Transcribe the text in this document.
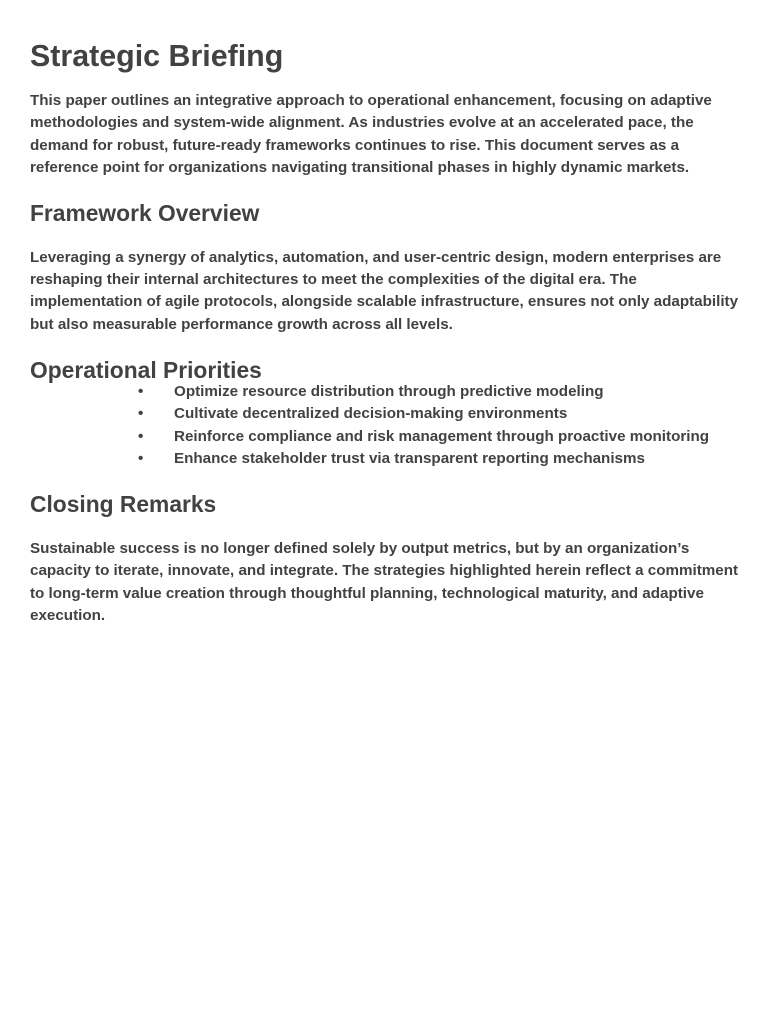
Strategic Briefing

This paper outlines an integrative approach to operational enhancement, focusing on adaptive methodologies and system-wide alignment. As industries evolve at an accelerated pace, the demand for robust, future-ready frameworks continues to rise. This document serves as a reference point for organizations navigating transitional phases in highly dynamic markets.

Framework Overview

Leveraging a synergy of analytics, automation, and user-centric design, modern enterprises are reshaping their internal architectures to meet the complexities of the digital era. The implementation of agile protocols, alongside scalable infrastructure, ensures not only adaptability but also measurable performance growth across all levels.

Operational Priorities
• Optimize resource distribution through predictive modeling
• Cultivate decentralized decision-making environments
• Reinforce compliance and risk management through proactive monitoring
• Enhance stakeholder trust via transparent reporting mechanisms
Closing Remarks

Sustainable success is no longer defined solely by output metrics, but by an organization’s capacity to iterate, innovate, and integrate. The strategies highlighted herein reflect a commitment to long-term value creation through thoughtful planning, technological maturity, and adaptive execution.
